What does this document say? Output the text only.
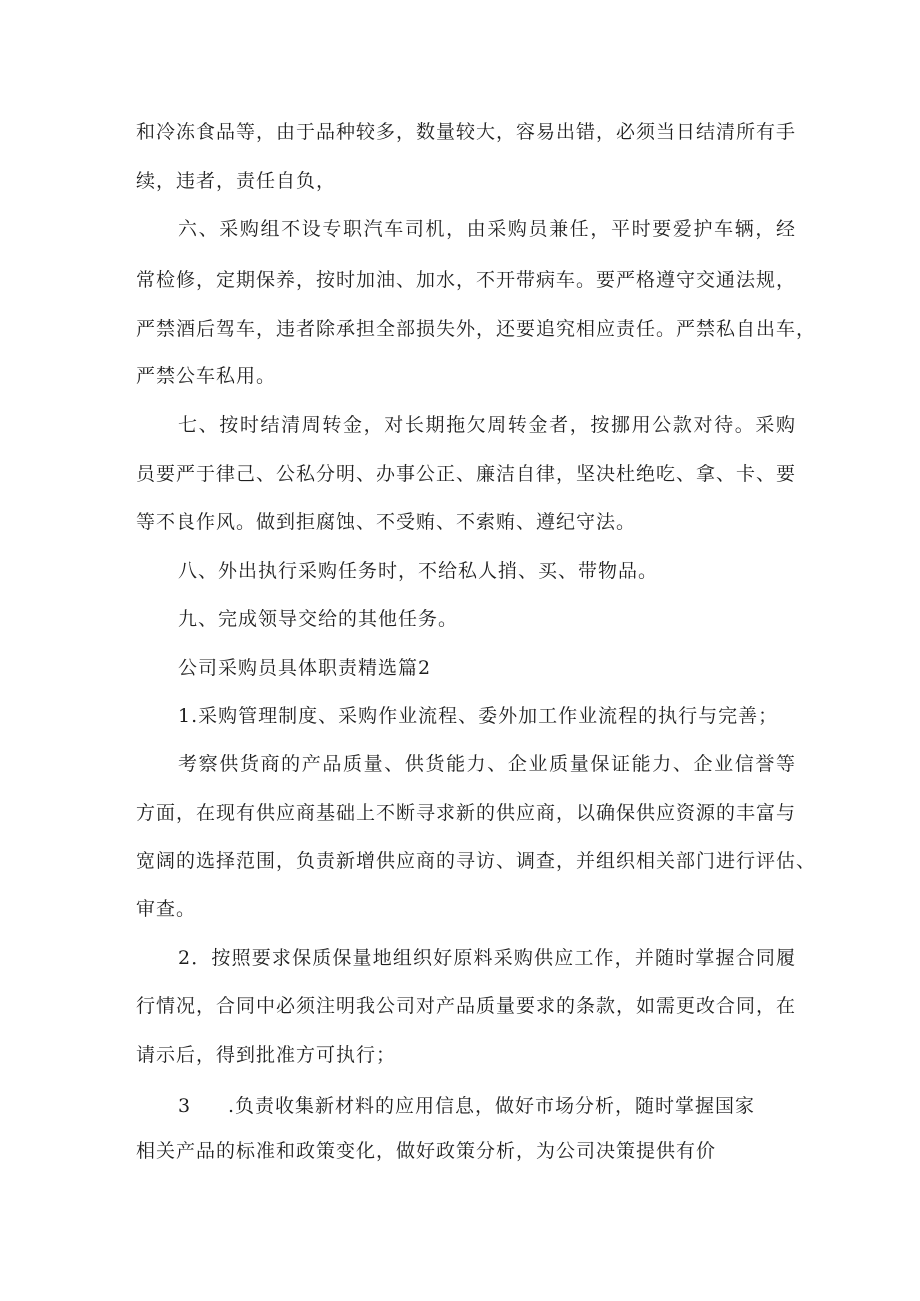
和冷冻食品等，由于品种较多，数量较大，容易出错，必须当日结清所有手
续，违者，责任自负，
六、采购组不设专职汽车司机，由采购员兼任，平时要爱护车辆，经
常检修，定期保养，按时加油、加水，不开带病车。要严格遵守交通法规，
严禁酒后驾车，违者除承担全部损失外，还要追究相应责任。严禁私自出车，
严禁公车私用。
七、按时结清周转金，对长期拖欠周转金者，按挪用公款对待。采购
员要严于律己、公私分明、办事公正、廉洁自律，坚决杜绝吃、拿、卡、要
等不良作风。做到拒腐蚀、不受贿、不索贿、遵纪守法。
八、外出执行采购任务时，不给私人捎、买、带物品。
九、完成领导交给的其他任务。
公司采购员具体职责精选篇2
1.采购管理制度、采购作业流程、委外加工作业流程的执行与完善；
考察供货商的产品质量、供货能力、企业质量保证能力、企业信誉等
方面，在现有供应商基础上不断寻求新的供应商，以确保供应资源的丰富与
宽阔的选择范围，负责新增供应商的寻访、调查，并组织相关部门进行评估、
审查。
2．按照要求保质保量地组织好原料采购供应工作，并随时掌握合同履
行情况，合同中必须注明我公司对产品质量要求的条款，如需更改合同，在
请示后，得到批准方可执行；
3	.负责收集新材料的应用信息，做好市场分析，随时掌握国家
相关产品的标准和政策变化，做好政策分析，为公司决策提供有价
